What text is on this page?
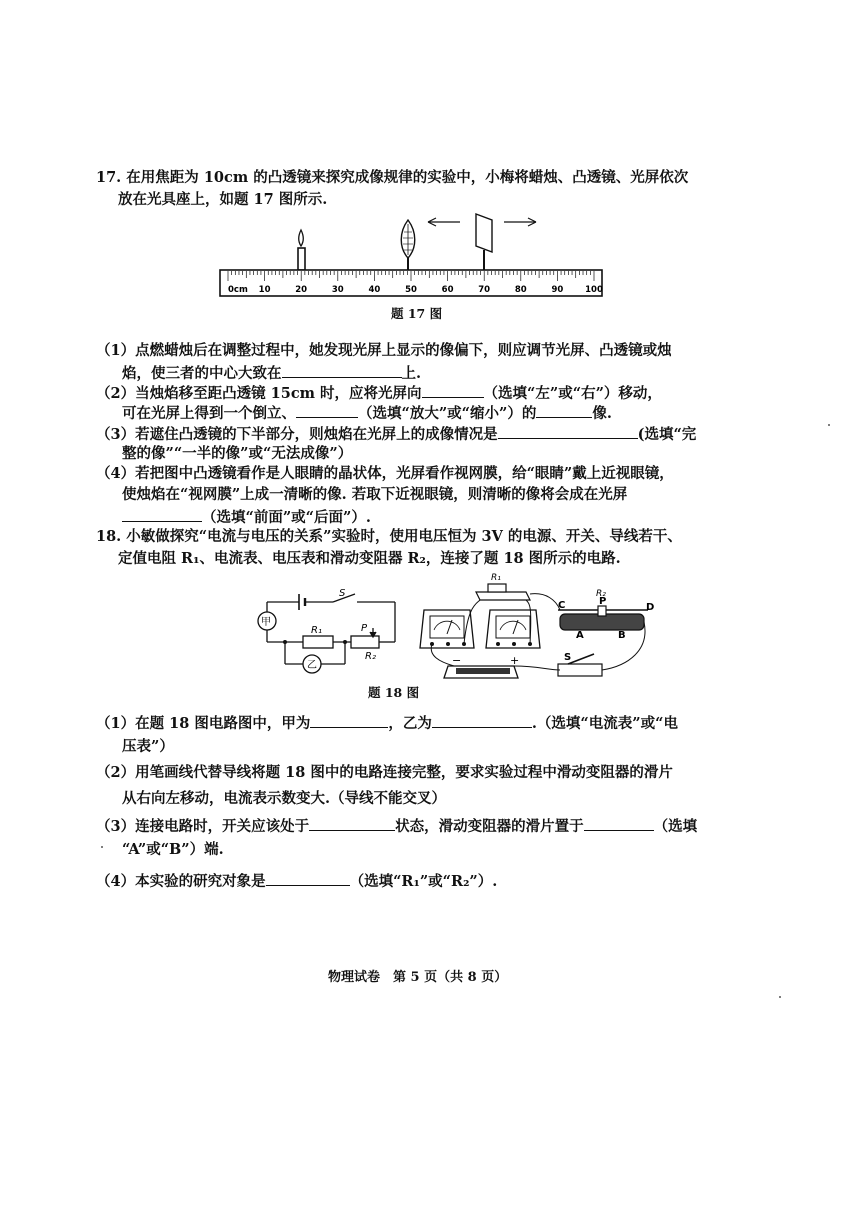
17. 在用焦距为 10cm 的凸透镜来探究成像规律的实验中，小梅将蜡烛、凸透镜、光屏依次
放在光具座上，如题 17 图所示.
0cm 10	20	30	40	50	60	70	80	90	100
题 17 图
（1）点燃蜡烛后在调整过程中，她发现光屏上显示的像偏下，则应调节光屏、凸透镜或烛
焰，使三者的中心大致在	上.
（2）当烛焰移至距凸透镜 15cm 时，应将光屏向	（选填“左”或“右”）移动，
可在光屏上得到一个倒立、	（选填“放大”或“缩小”）的	像.
（3）若遮住凸透镜的下半部分，则烛焰在光屏上的成像情况是	(选填“完
整的像”“一半的像”或“无法成像”）
（4）若把图中凸透镜看作是人眼睛的晶状体，光屏看作视网膜，给“眼睛”戴上近视眼镜，
使烛焰在“视网膜”上成一清晰的像. 若取下近视眼镜，则清晰的像将会成在光屏
（选填“前面”或“后面”）.
18. 小敏做探究“电流与电压的关系”实验时，使用电压恒为 3V 的电源、开关、导线若干、
定值电阻 R₁、电流表、电压表和滑动变阻器 R₂，连接了题 18 图所示的电路.
甲
乙
S
R₁	P
R₂
R₁
−	+
C	D
P
R₂
A	B
S
题 18 图
（1）在题 18 图电路图中，甲为	，乙为	.（选填“电流表”或“电
压表”）
（2）用笔画线代替导线将题 18 图中的电路连接完整，要求实验过程中滑动变阻器的滑片
从右向左移动，电流表示数变大.（导线不能交叉）
（3）连接电路时，开关应该处于	状态，滑动变阻器的滑片置于	（选填
“A”或“B”）端.
（4）本实验的研究对象是	（选填“R₁”或“R₂”）.
物理试卷　第 5 页（共 8 页）
